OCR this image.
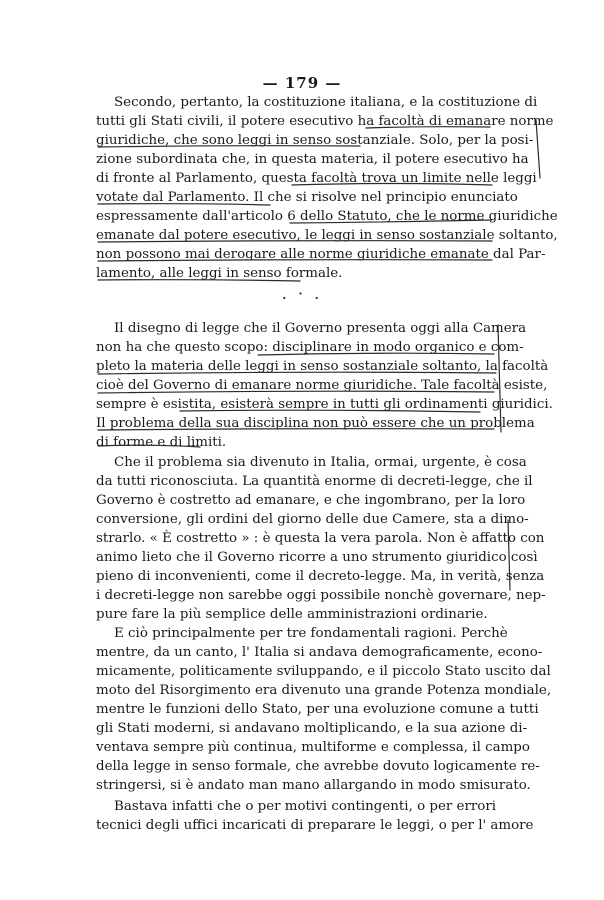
— 179 —
Secondo, pertanto, la costituzione italiana, e la costituzione di
tutti gli Stati civili, il potere esecutivo ha facoltà di emanare norme
giuridiche, che sono leggi in senso sostanziale. Solo, per la posi-
zione subordinata che, in questa materia, il potere esecutivo ha
di fronte al Parlamento, questa facoltà trova un limite nelle leggi
votate dal Parlamento. Il che si risolve nel principio enunciato
espressamente dall'articolo 6 dello Statuto, che le norme giuridiche
emanate dal potere esecutivo, le leggi in senso sostanziale soltanto,
non possono mai derogare alle norme giuridiche emanate dal Par-
lamento, alle leggi in senso formale.
. · .
Il disegno di legge che il Governo presenta oggi alla Camera
non ha che questo scopo: disciplinare in modo organico e com-
pleto la materia delle leggi in senso sostanziale soltanto, la facoltà
cioè del Governo di emanare norme giuridiche. Tale facoltà esiste,
sempre è esistita, esisterà sempre in tutti gli ordinamenti giuridici.
Il problema della sua disciplina non può essere che un problema
di forme e di limiti.
Che il problema sia divenuto in Italia, ormai, urgente, è cosa
da tutti riconosciuta. La quantità enorme di decreti-legge, che il
Governo è costretto ad emanare, e che ingombrano, per la loro
conversione, gli ordini del giorno delle due Camere, sta a dimo-
strarlo. « È costretto » : è questa la vera parola. Non è affatto con
animo lieto che il Governo ricorre a uno strumento giuridico così
pieno di inconvenienti, come il decreto-legge. Ma, in verità, senza
i decreti-legge non sarebbe oggi possibile nonchè governare, nep-
pure fare la più semplice delle amministrazioni ordinarie.
E ciò principalmente per tre fondamentali ragioni. Perchè
mentre, da un canto, l' Italia si andava demograficamente, econo-
micamente, politicamente sviluppando, e il piccolo Stato uscito dal
moto del Risorgimento era divenuto una grande Potenza mondiale,
mentre le funzioni dello Stato, per una evoluzione comune a tutti
gli Stati moderni, si andavano moltiplicando, e la sua azione di-
ventava sempre più continua, multiforme e complessa, il campo
della legge in senso formale, che avrebbe dovuto logicamente re-
stringersi, si è andato man mano allargando in modo smisurato.
Bastava infatti che o per motivi contingenti, o per errori
tecnici degli uffici incaricati di preparare le leggi, o per l' amore
